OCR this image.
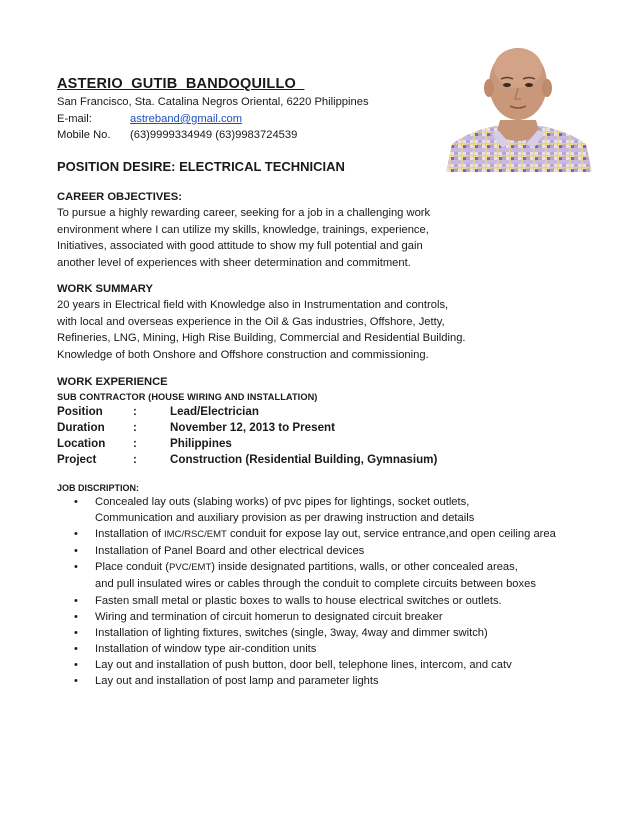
ASTERIO  GUTIB  BANDOQUILLO
San Francisco, Sta. Catalina Negros Oriental, 6220 Philippines
E-mail:	astreband@gmail.com
Mobile No. (63)9999334949 (63)9983724539
POSITION DESIRE: ELECTRICAL TECHNICIAN
CAREER OBJECTIVES:
To pursue a highly rewarding career, seeking for a job in a challenging work
environment where I can utilize my skills, knowledge, trainings, experience,
Initiatives, associated with good attitude to show my full potential and gain
another level of experiences with sheer determination and commitment.
WORK SUMMARY
20 years in Electrical field with Knowledge also in Instrumentation and controls,
with local and overseas experience in the Oil & Gas industries, Offshore, Jetty,
Refineries, LNG, Mining, High Rise Building, Commercial and Residential Building.
Knowledge of both Onshore and Offshore construction and commissioning.
WORK EXPERIENCE
SUB CONTRACTOR (HOUSE WIRING AND INSTALLATION)
Position	:	Lead/Electrician
Duration :	November 12, 2013 to Present
Location :	Philippines
Project	:	Construction (Residential Building, Gymnasium)
JOB DISCRIPTION:
• Concealed lay outs (slabing works) of pvc pipes for lightings, socket outlets,
Communication and auxiliary provision as per drawing instruction and details
• Installation of IMC/RSC/EMT conduit for expose lay out, service entrance,and open ceiling area
• Installation of Panel Board and other electrical devices
• Place conduit (PVC/EMT) inside designated partitions, walls, or other concealed areas,
and pull insulated wires or cables through the conduit to complete circuits between boxes
• Fasten small metal or plastic boxes to walls to house electrical switches or outlets.
• Wiring and termination of circuit homerun to designated circuit breaker
• Installation of lighting fixtures, switches (single, 3way, 4way and dimmer switch)
• Installation of window type air-condition units
• Lay out and installation of push button, door bell, telephone lines, intercom, and catv
• Lay out and installation of post lamp and parameter lights
